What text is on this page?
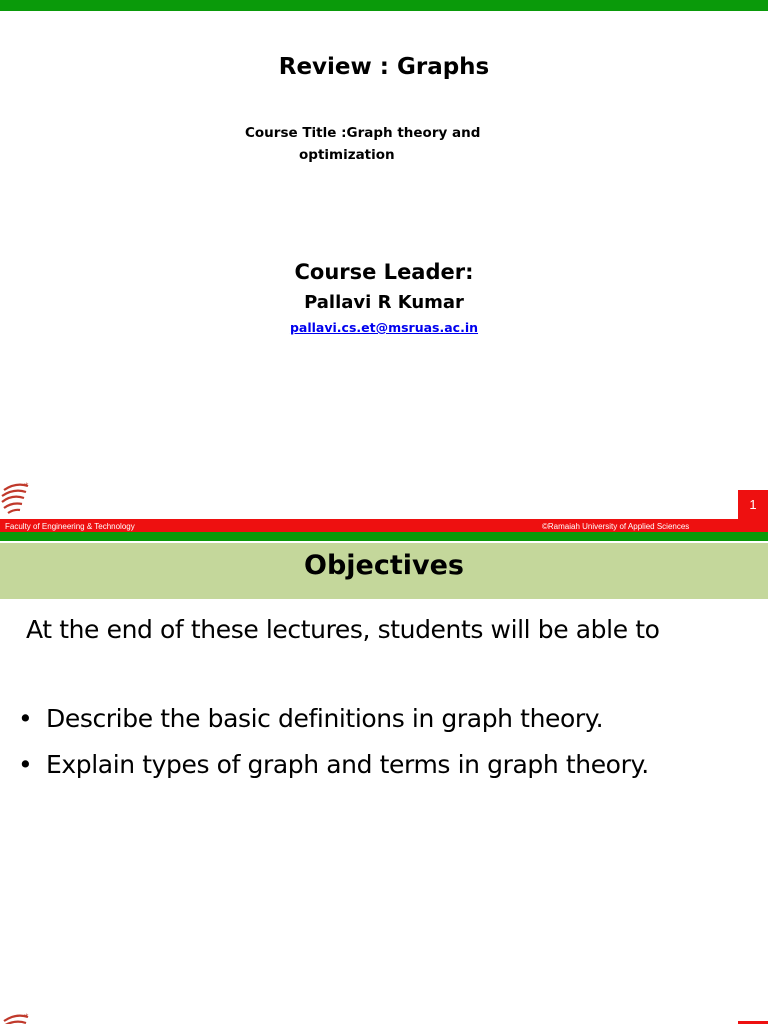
Review : Graphs
Course Title :Graph theory and
optimization
Course Leader:
Pallavi R Kumar
pallavi.cs.et@msruas.ac.in
*
1
Faculty of Engineering & Technology	©Ramaiah University of Applied Sciences
Objectives
At the end of these lectures, students will be able to
• Describe the basic definitions in graph theory.
• Explain types of graph and terms in graph theory.
*
